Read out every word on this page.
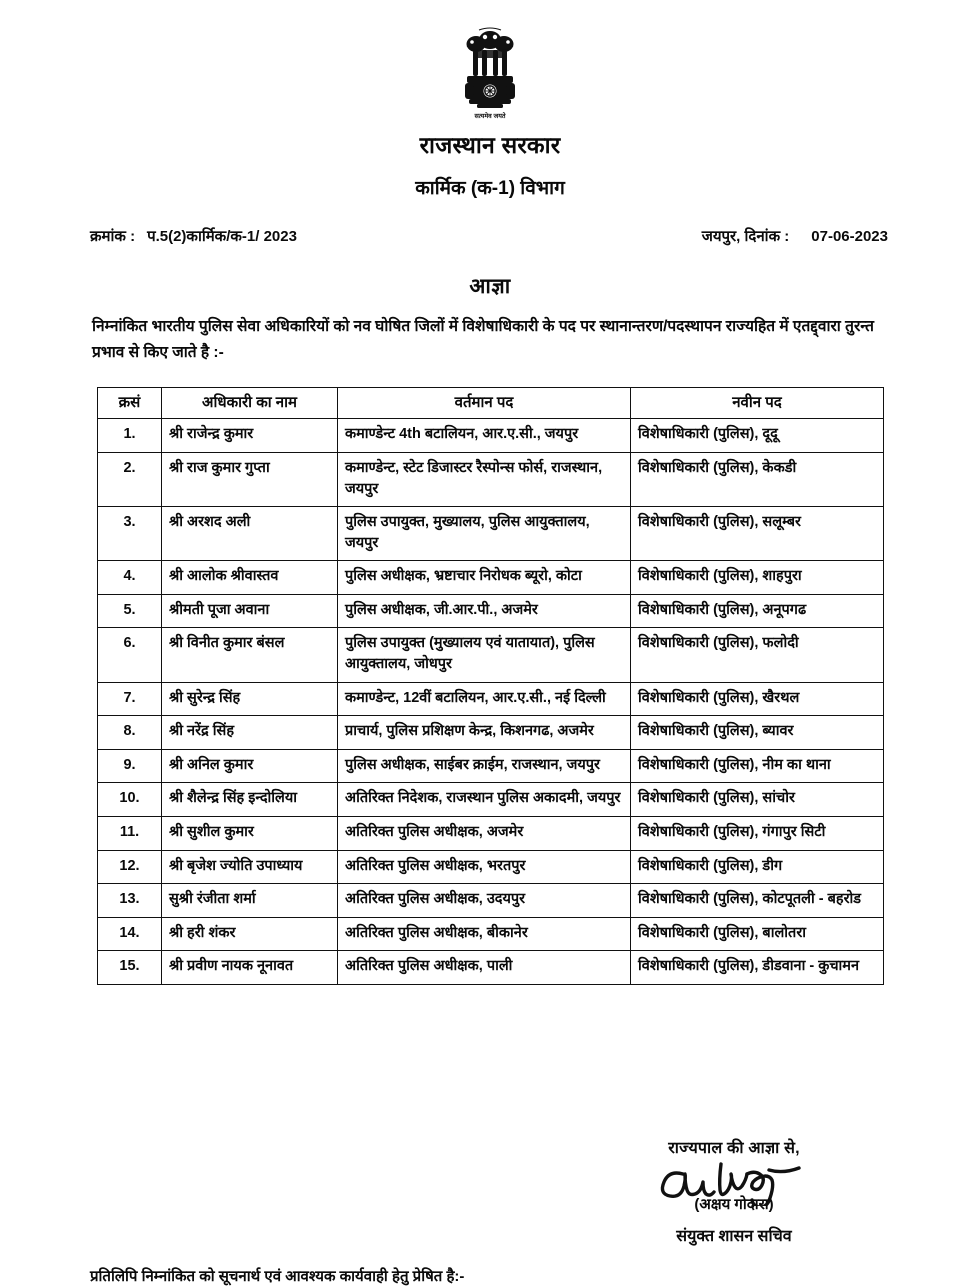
सत्यमेव जयते
राजस्थान सरकार
कार्मिक (क-1) विभाग
क्रमांक : प.5(2)कार्मिक/क-1/ 2023	जयपुर, दिनांक : 07-06-2023
आज्ञा
निम्नांकित भारतीय पुलिस सेवा अधिकारियों को नव घोषित जिलों में विशेषाधिकारी के पद पर स्थानान्तरण/पदस्थापन राज्यहित में एतद्द्वारा तुरन्त प्रभाव से किए जाते है :-
क्रसं	अधिकारी का नाम	वर्तमान पद	नवीन पद
1.	श्री राजेन्द्र कुमार	कमाण्डेन्ट 4th बटालियन, आर.ए.सी., जयपुर	विशेषाधिकारी (पुलिस), दूदू
2.	श्री राज कुमार गुप्ता	कमाण्डेन्ट, स्टेट डिजास्टर रैस्पोन्स फोर्स, राजस्थान, जयपुर	विशेषाधिकारी (पुलिस), केकडी
3.	श्री अरशद अली	पुलिस उपायुक्त, मुख्यालय, पुलिस आयुक्तालय, जयपुर	विशेषाधिकारी (पुलिस), सलूम्बर
4.	श्री आलोक श्रीवास्तव	पुलिस अधीक्षक, भ्रष्टाचार निरोधक ब्यूरो, कोटा	विशेषाधिकारी (पुलिस), शाहपुरा
5.	श्रीमती पूजा अवाना	पुलिस अधीक्षक, जी.आर.पी., अजमेर	विशेषाधिकारी (पुलिस), अनूपगढ
6.	श्री विनीत कुमार बंसल	पुलिस उपायुक्त (मुख्यालय एवं यातायात), पुलिस आयुक्तालय, जोधपुर	विशेषाधिकारी (पुलिस), फलोदी
7.	श्री सुरेन्द्र सिंह	कमाण्डेन्ट, 12वीं बटालियन, आर.ए.सी., नई दिल्ली	विशेषाधिकारी (पुलिस), खैरथल
8.	श्री नरेंद्र सिंह	प्राचार्य, पुलिस प्रशिक्षण केन्द्र, किशनगढ, अजमेर	विशेषाधिकारी (पुलिस), ब्यावर
9.	श्री अनिल कुमार	पुलिस अधीक्षक, साईबर क्राईम, राजस्थान, जयपुर	विशेषाधिकारी (पुलिस), नीम का थाना
10.	श्री शैलेन्द्र सिंह इन्दोलिया	अतिरिक्त निदेशक, राजस्थान पुलिस अकादमी, जयपुर	विशेषाधिकारी (पुलिस), सांचोर
11.	श्री सुशील कुमार	अतिरिक्त पुलिस अधीक्षक, अजमेर	विशेषाधिकारी (पुलिस), गंगापुर सिटी
12.	श्री बृजेश ज्योति उपाध्याय	अतिरिक्त पुलिस अधीक्षक, भरतपुर	विशेषाधिकारी (पुलिस), डीग
13.	सुश्री रंजीता शर्मा	अतिरिक्त पुलिस अधीक्षक, उदयपुर	विशेषाधिकारी (पुलिस), कोटपूतली - बहरोड
14.	श्री हरी शंकर	अतिरिक्त पुलिस अधीक्षक, बीकानेर	विशेषाधिकारी (पुलिस), बालोतरा
15.	श्री प्रवीण नायक नूनावत	अतिरिक्त पुलिस अधीक्षक, पाली	विशेषाधिकारी (पुलिस), डीडवाना - कुचामन
राज्यपाल की आज्ञा से,
(अक्षय गोदारा)
संयुक्त शासन सचिव
प्रतिलिपि निम्नांकित को सूचनार्थ एवं आवश्यक कार्यवाही हेतु प्रेषित है:-
